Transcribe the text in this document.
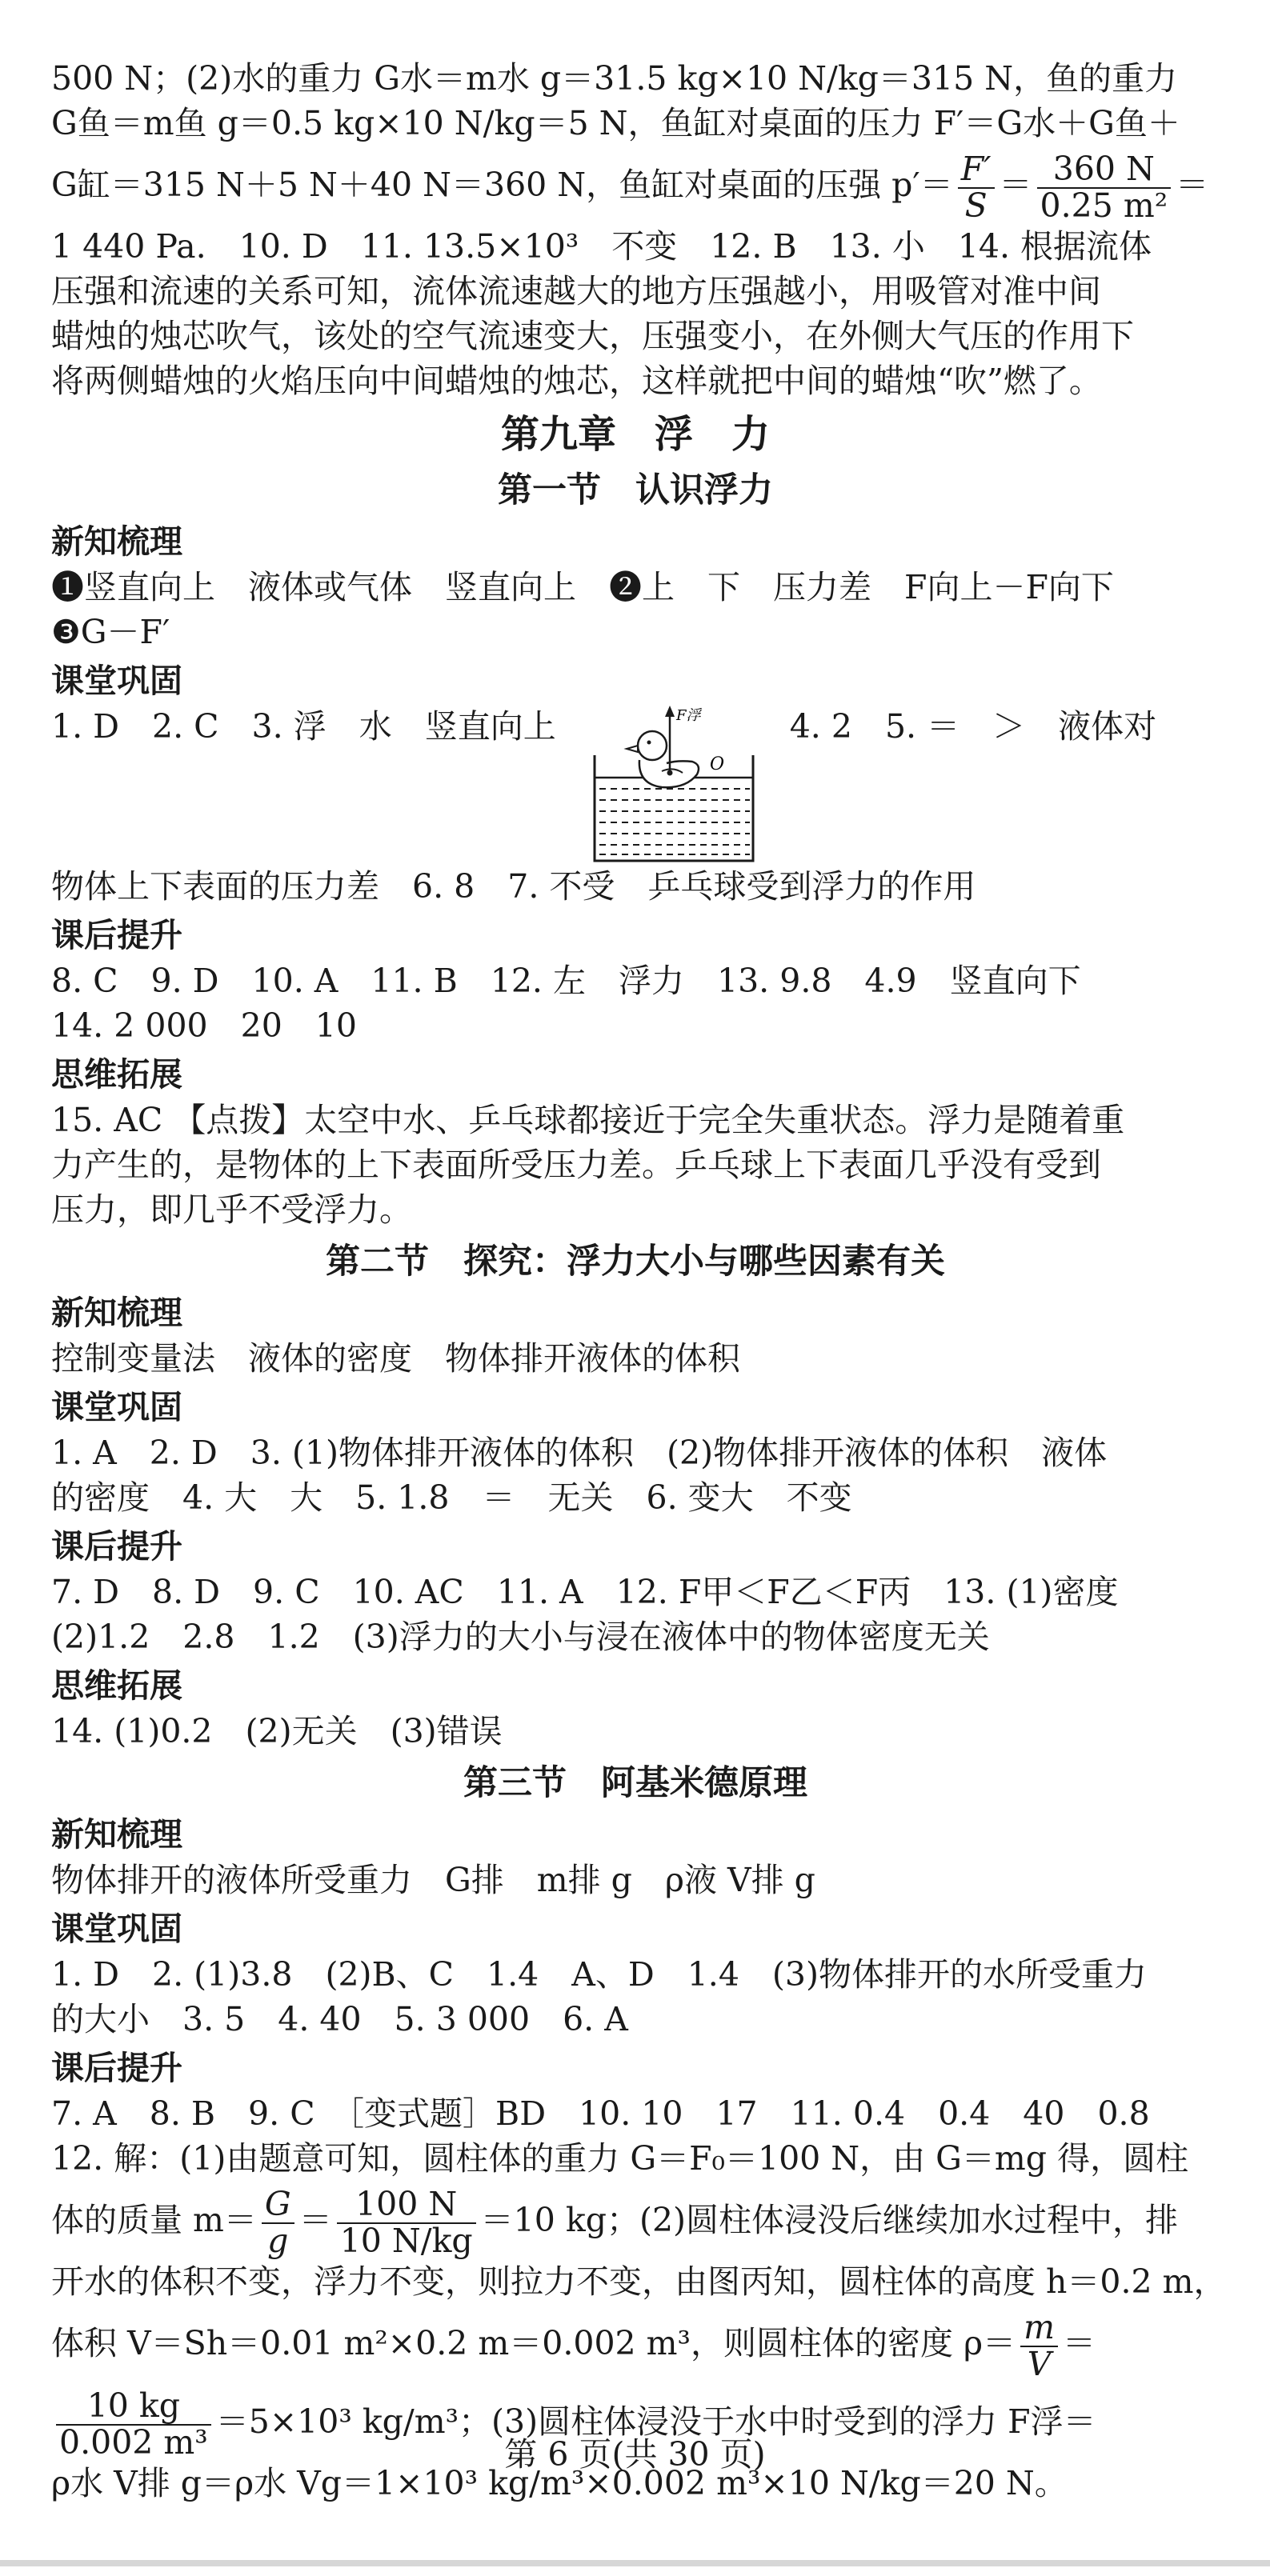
500 N；(2)水的重力 G水＝m水 g＝31.5 kg×10 N/kg＝315 N，鱼的重力

G鱼＝m鱼 g＝0.5 kg×10 N/kg＝5 N，鱼缸对桌面的压力 F′＝G水＋G鱼＋

G缸＝315 N＋5 N＋40 N＝360 N，鱼缸对桌面的压强 $p'= \frac{F'}{S} = \frac{360 N}{\text{0.25 m²}}$ ＝

1 440 Pa.　10. D　11. 13.5×10³　不变　12. B　13. 小　14. 根据流体

压强和流速的关系可知，流体流速越大的地方压强越小，用吸管对准中间

蜡烛的烛芯吹气，该处的空气流速变大，压强变小，在外侧大气压的作用下

将两侧蜡烛的火焰压向中间蜡烛的烛芯，这样就把中间的蜡烛“吹”燃了。

第九章　浮　力
第一节　认识浮力
新知梳理

❶竖直向上　液体或气体　竖直向上　❷上　下　压力差　F向上－F向下

❸G－F′

课堂巩固
1. D　2. C　3. 浮　水　竖直向上	F浮
O
4. 2　5. ＝　＞　液体对

物体上下表面的压力差　6. 8　7. 不受　乒乓球受到浮力的作用

课后提升

8. C　9. D　10. A　11. B　12. 左　浮力　13. 9.8　4.9　竖直向下

14. 2 000　20　10

思维拓展

15. AC 【点拨】太空中水、乒乓球都接近于完全失重状态。浮力是随着重

力产生的，是物体的上下表面所受压力差。乒乓球上下表面几乎没有受到

压力，即几乎不受浮力。

第二节　探究：浮力大小与哪些因素有关
新知梳理

控制变量法　液体的密度　物体排开液体的体积

课堂巩固

1. A　2. D　3. (1)物体排开液体的体积　(2)物体排开液体的体积　液体

的密度　4. 大　大　5. 1.8　＝　无关　6. 变大　不变

课后提升

7. D　8. D　9. C　10. AC　11. A　12. F甲＜F乙＜F丙　13. (1)密度

(2)1.2　2.8　1.2　(3)浮力的大小与浸在液体中的物体密度无关

思维拓展

14. (1)0.2　(2)无关　(3)错误

第三节　阿基米德原理
新知梳理

物体排开的液体所受重力　G排　m排 g　ρ液 V排 g

课堂巩固

1. D　2. (1)3.8　(2)B、C　1.4　A、D　1.4　(3)物体排开的水所受重力

的大小　3. 5　4. 40　5. 3 000　6. A

课后提升

7. A　8. B　9. C　［变式题］BD　10. 10　17　11. 0.4　0.4　40　0.8

12. 解：(1)由题意可知，圆柱体的重力 G＝F₀＝100 N，由 G＝mg 得，圆柱

体的质量 $m= \frac{G}{g} = \frac{100 N}{10 N/kg} =10$ kg；(2)圆柱体浸没后继续加水过程中，排

开水的体积不变，浮力不变，则拉力不变，由图丙知，圆柱体的高度 h＝0.2 m，

体积 V＝Sh＝0.01 m²×0.2 m＝0.002 m³，则圆柱体的密度 $\rho= \frac{m}{V}$ ＝

$\frac{10 kg}{\text{0.002 m³}} =5\times 10^3$ kg/m³；(3)圆柱体浸没于水中时受到的浮力 F浮＝

ρ水 V排 g＝ρ水 Vg＝1×10³ kg/m³×0.002 m³×10 N/kg＝20 N。

第 6 页(共 30 页)
